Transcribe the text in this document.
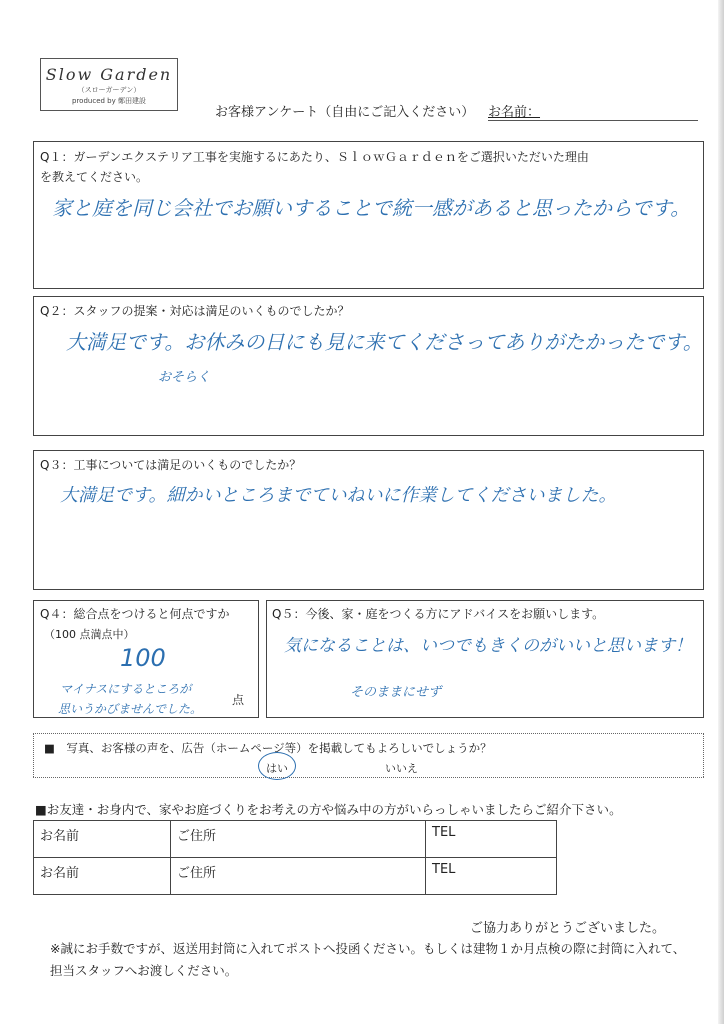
Slow Garden
（スローガーデン）
produced by 鄭田建設
お客様アンケート（自由にご記入ください） お名前：
Q１：ガーデンエクステリア工事を実施するにあたり、ＳｌｏｗＧａｒｄｅｎをご選択いただいた理由
を教えてください。
家と庭を同じ会社でお願いすることで統一感があると思ったからです。
Q２：スタッフの提案・対応は満足のいくものでしたか？
大満足です。お休みの日にも見に来てくださってありがたかったです。
おそらく
Q３：工事については満足のいくものでしたか？
大満足です。細かいところまでていねいに作業してくださいました。
Q４：総合点をつけると何点ですか
（100 点満点中）
100
マイナスにするところが
思いうかびませんでした。
点
Q５：今後、家・庭をつくる方にアドバイスをお願いします。
気になることは、いつでもきくのがいいと思います！
そのままにせず
■　写真、お客様の声を、広告（ホームページ等）を掲載してもよろしいでしょうか？
はい	いいえ
■お友達・お身内で、家やお庭づくりをお考えの方や悩み中の方がいらっしゃいましたらご紹介下さい。
お名前	ご住所	TEL
お名前	ご住所	TEL
ご協力ありがとうございました。
※誠にお手数ですが、返送用封筒に入れてポストへ投函ください。もしくは建物１か月点検の際に封筒に入れて、担当スタッフへお渡しください。
